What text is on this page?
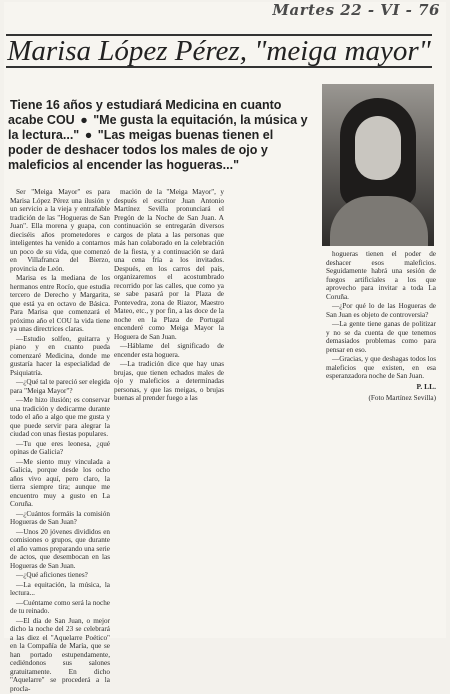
Martes 22 - VI - 76
Marisa López Pérez, "meiga mayor"
Tiene 16 años y estudiará Medicina en cuanto acabe COU ● "Me gusta la equitación, la música y la lectura..." ● "Las meigas buenas tienen el poder de deshacer todos los males de ojo y maleficios al encender las hogueras..."

Ser "Meiga Mayor" es para Marisa López Pérez una ilusión y un servicio a la vieja y entrañable tradición de las "Hogueras de San Juan". Ella morena y guapa, con dieciséis años prometedores e inteligentes ha venido a contarnos un poco de su vida, que comenzó en Villafranca del Bierzo, provincia de León.

Marisa es la mediana de los hermanos entre Rocío, que estudia tercero de Derecho y Margarita, que está ya en octavo de Básica. Para Marisa que comenzará el próximo año el COU la vida tiene ya unas directrices claras.

—Estudio solfeo, guitarra y piano y en cuanto pueda comenzaré Medicina, donde me gustaría hacer la especialidad de Psiquiatría.

—¿Qué tal te pareció ser elegida para "Meiga Mayor"?

—Me hizo ilusión; es conservar una tradición y dedicarme durante todo el año a algo que me gusta y que puede servir para alegrar la ciudad con unas fiestas populares.

—Tu que eres leonesa, ¿qué opinas de Galicia?

—Me siento muy vinculada a Galicia, porque desde los ocho años vivo aquí, pero claro, la tierra siempre tira; aunque me encuentro muy a gusto en La Coruña.

—¿Cuántos formáis la comisión Hogueras de San Juan?

—Unos 20 jóvenes divididos en comisiones o grupos, que durante el año vamos preparando una serie de actos, que desembocan en las Hogueras de San Juan.

—¿Qué aficiones tienes?

—La equitación, la música, la lectura...

—Cuéntame como será la noche de tu reinado.

—El día de San Juan, o mejor dicho la noche del 23 se celebrará a las diez el "Aquelarre Poético" en la Compañía de María, que se han portado estupendamente, cediéndonos sus salones gratuitamente. En dicho "Aquelarre" se procederá a la procla-

mación de la "Meiga Mayor", y después el escritor Juan Antonio Martínez Sevilla pronunciará el Pregón de la Noche de San Juan. A continuación se entregarán diversos cargos de plata a las personas que más han colaborado en la celebración de la fiesta, y a continuación se dará una cena fría a los invitados. Después, en los carros del país, organizaremos el acostumbrado recorrido por las calles, que como ya se sabe pasará por la Plaza de Pontevedra, zona de Riazor, Maestro Mateo, etc., y por fin, a las doce de la noche en la Plaza de Portugal encenderé como Meiga Mayor la Hoguera de San Juan.

—Háblame del significado de encender esta hoguera.

—La tradición dice que hay unas brujas, que tienen echados males de ojo y maleficios a determinadas personas, y que las meigas, o brujas buenas al prender fuego a las

hogueras tienen el poder de deshacer esos maleficios. Seguidamente habrá una sesión de fuegos artificiales a los que aprovecho para invitar a toda La Coruña.

—¿Por qué lo de las Hogueras de San Juan es objeto de controversia?

—La gente tiene ganas de politizar y no se da cuenta de que tenemos demasiados problemas como para pensar en eso.

—Gracias, y que deshagas todos los maleficios que existen, en esa esperanzadora noche de San Juan.

P. LL.
(Foto Martínez Sevilla)
